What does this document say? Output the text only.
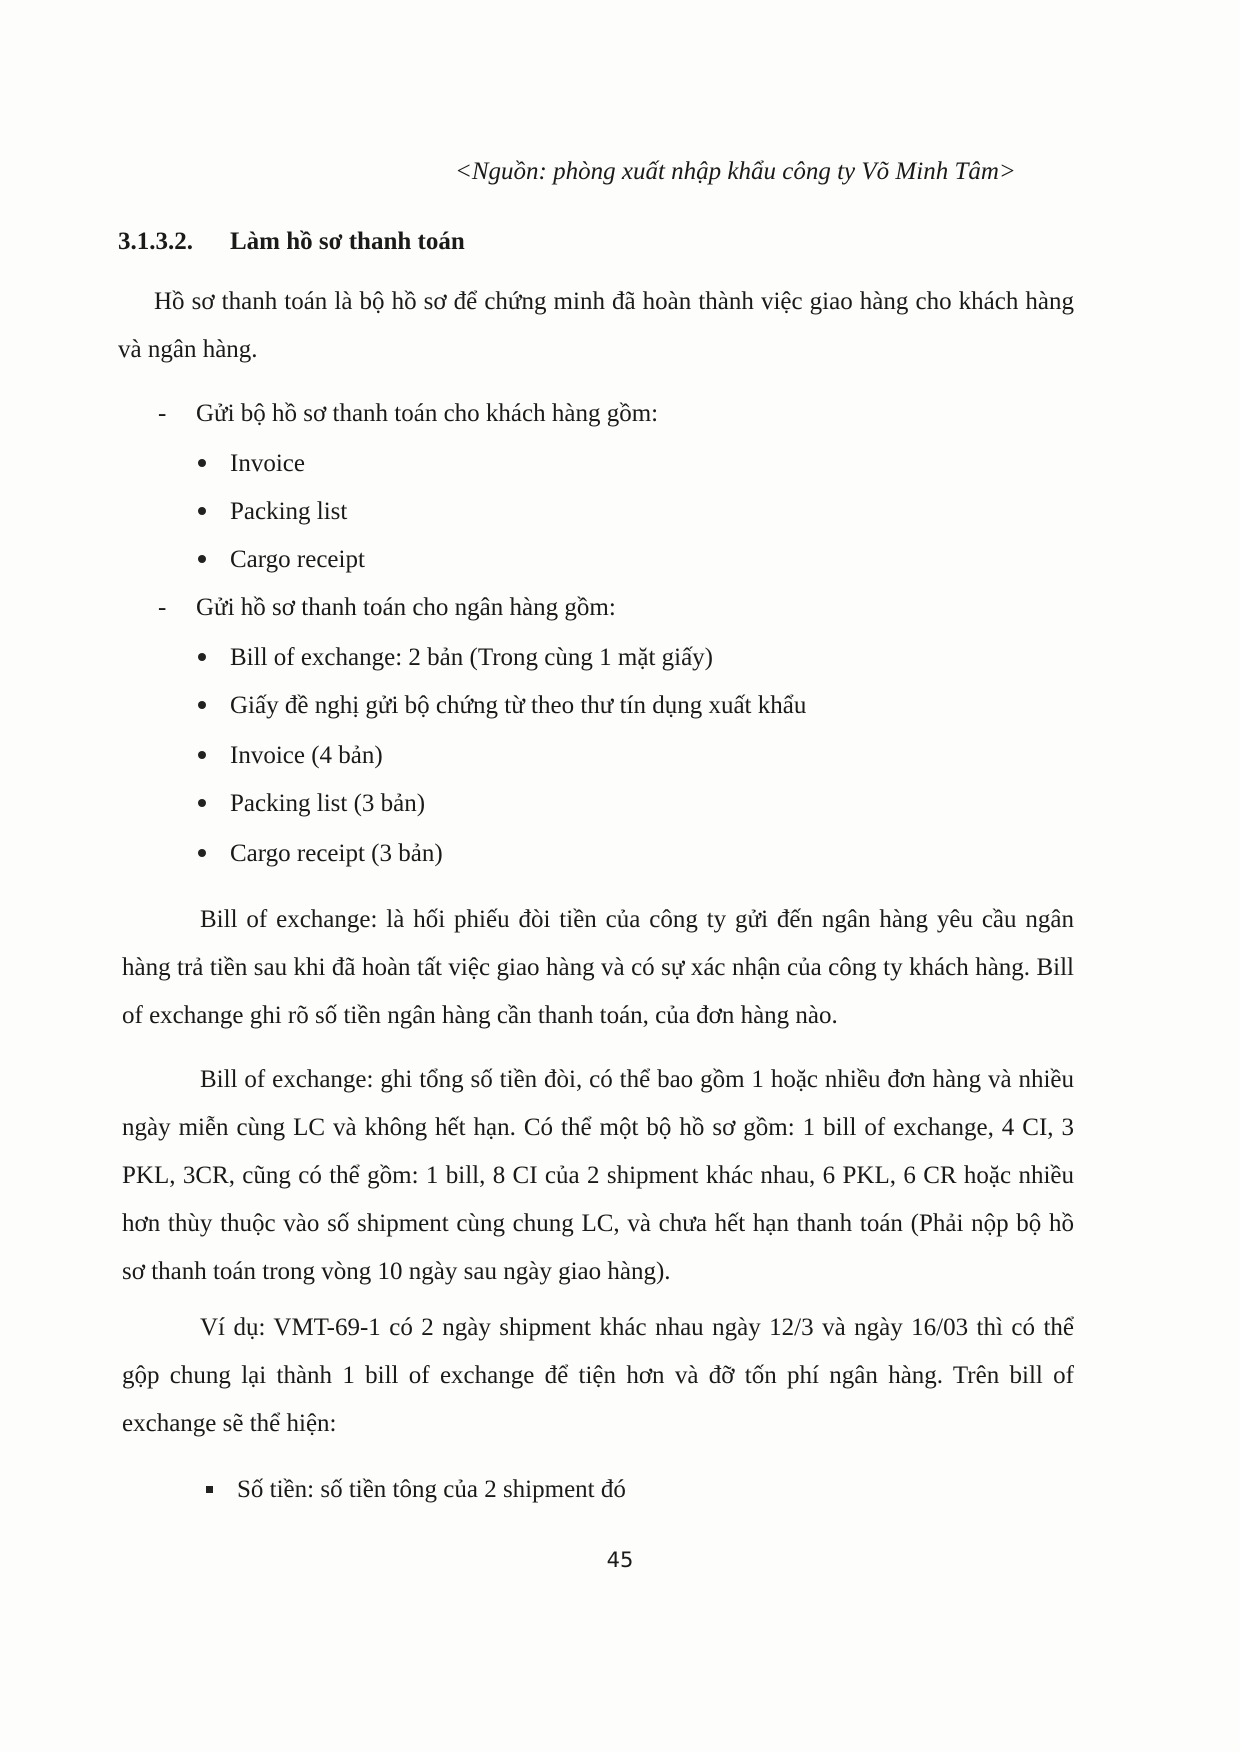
<Nguồn: phòng xuất nhập khẩu công ty Võ Minh Tâm>
3.1.3.2. Làm hồ sơ thanh toán
Hồ sơ thanh toán là bộ hồ sơ để chứng minh đã hoàn thành việc giao hàng cho khách hàng và ngân hàng.
- Gửi bộ hồ sơ thanh toán cho khách hàng gồm:
Invoice
Packing list
Cargo receipt
- Gửi hồ sơ thanh toán cho ngân hàng gồm:
Bill of exchange: 2 bản (Trong cùng 1 mặt giấy)
Giấy đề nghị gửi bộ chứng từ theo thư tín dụng xuất khẩu
Invoice (4 bản)
Packing list (3 bản)
Cargo receipt (3 bản)
Bill of exchange: là hối phiếu đòi tiền của công ty gửi đến ngân hàng yêu cầu ngân hàng trả tiền sau khi đã hoàn tất việc giao hàng và có sự xác nhận của công ty khách hàng. Bill of exchange ghi rõ số tiền ngân hàng cần thanh toán, của đơn hàng nào.
Bill of exchange: ghi tổng số tiền đòi, có thể bao gồm 1 hoặc nhiều đơn hàng và nhiều ngày miễn cùng LC và không hết hạn. Có thể một bộ hồ sơ gồm: 1 bill of exchange, 4 CI, 3 PKL, 3CR, cũng có thể gồm: 1 bill, 8 CI của 2 shipment khác nhau, 6 PKL, 6 CR hoặc nhiều hơn thùy thuộc vào số shipment cùng chung LC, và chưa hết hạn thanh toán (Phải nộp bộ hồ sơ thanh toán trong vòng 10 ngày sau ngày giao hàng).
Ví dụ: VMT-69-1 có 2 ngày shipment khác nhau ngày 12/3 và ngày 16/03 thì có thể gộp chung lại thành 1 bill of exchange để tiện hơn và đỡ tốn phí ngân hàng. Trên bill of exchange sẽ thể hiện:
Số tiền: số tiền tông của 2 shipment đó
45
